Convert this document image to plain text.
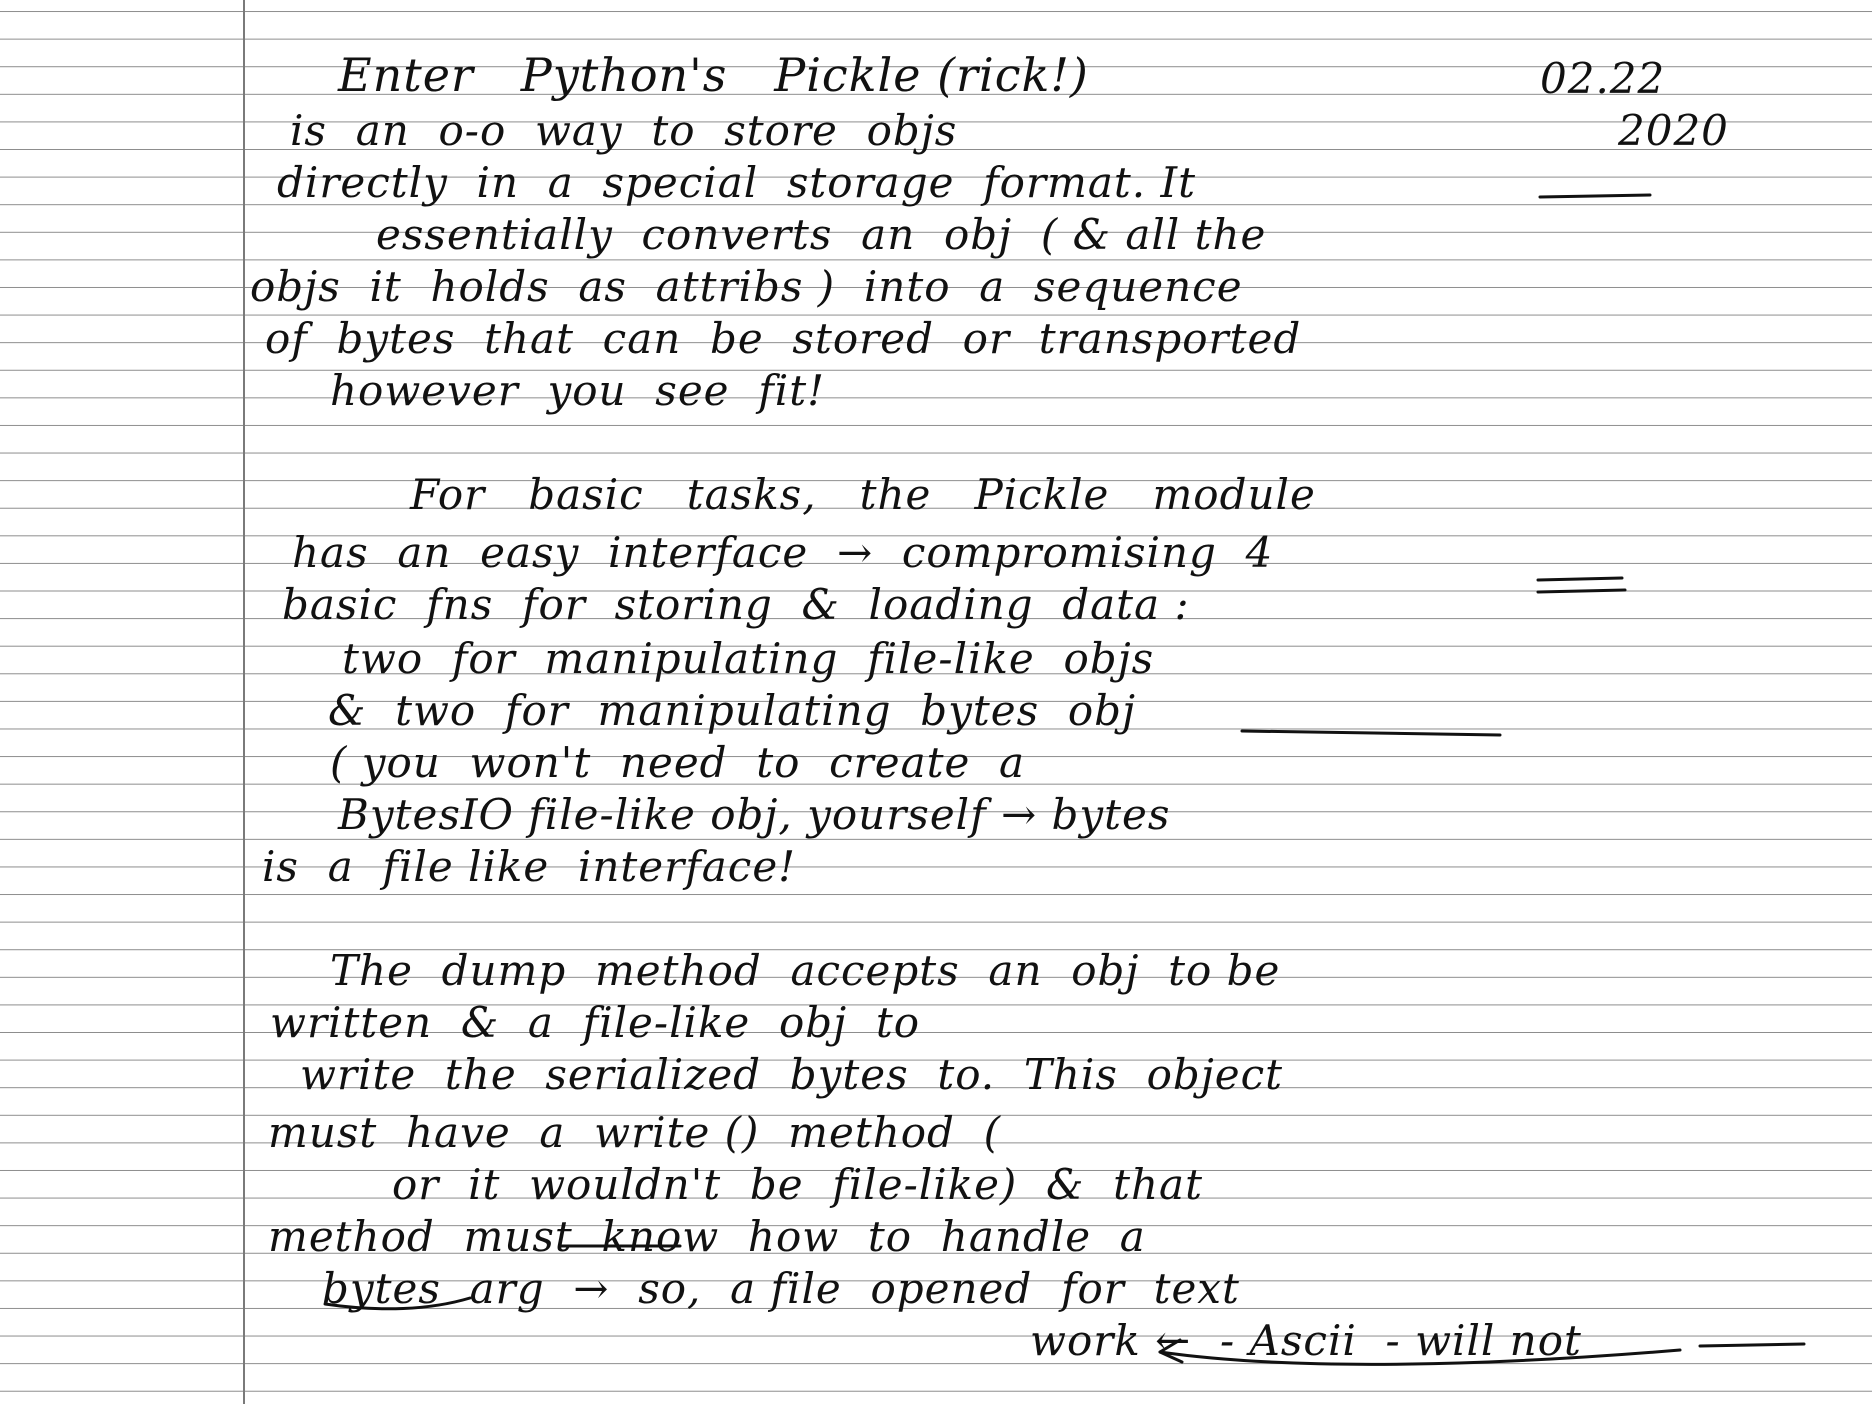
Enter   Python's   Pickle (rick!)	02.22
2020
is  an  o-o  way  to  store  objs
directly  in  a  special  storage  format. It
essentially  converts  an  obj  ( & all the
objs  it  holds  as  attribs )  into  a  sequence
of  bytes  that  can  be  stored  or  transported
however  you  see  fit!
For   basic   tasks,   the   Pickle   module
has  an  easy  interface  →  compromising  4
basic  fns  for  storing  &  loading  data :
two  for  manipulating  file-like  objs
&  two  for  manipulating  bytes  obj
( you  won't  need  to  create  a
BytesIO file-like obj, yourself → bytes
is  a  file like  interface!
The  dump  method  accepts  an  obj  to be
written  &  a  file-like  obj  to
write  the  serialized  bytes  to.  This  object
must  have  a  write ()  method  (
or  it  wouldn't  be  file-like)  &  that
method  must  know  how  to  handle  a
bytes  arg  →  so,  a file  opened  for  text
work ←  - Ascii  - will not
